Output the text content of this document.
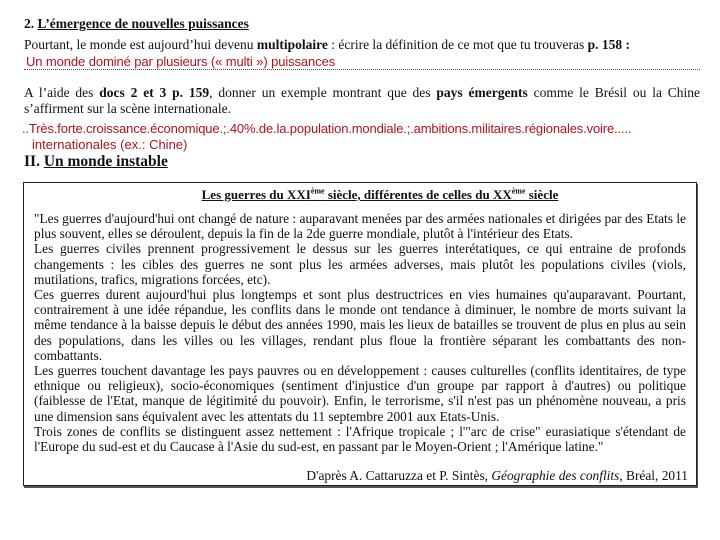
2. L’émergence de nouvelles puissances
Pourtant, le monde est aujourd’hui devenu multipolaire : écrire la définition de ce mot que tu trouveras p. 158 :
Un monde dominé par plusieurs (« multi ») puissances
A l’aide des docs 2 et 3 p. 159, donner un exemple montrant que des pays émergents comme le Brésil ou la Chine s’affirment sur la scène internationale.
..Très.forte.croissance.économique.;.40%.de.la.population.mondiale.;.ambitions.militaires.régionales.voire.....
internationales (ex.: Chine)
II. Un monde instable
Les guerres du XXIème siècle, différentes de celles du XXème siècle

"Les guerres d'aujourd'hui ont changé de nature : auparavant menées par des armées nationales et dirigées par des Etats le plus souvent, elles se déroulent, depuis la fin de la 2de guerre mondiale, plutôt à l'intérieur des Etats.

Les guerres civiles prennent progressivement le dessus sur les guerres interétatiques, ce qui entraine de profonds changements : les cibles des guerres ne sont plus les armées adverses, mais plutôt les populations civiles (viols, mutilations, trafics, migrations forcées, etc).

Ces guerres durent aujourd'hui plus longtemps et sont plus destructrices en vies humaines qu'auparavant. Pourtant, contrairement à une idée répandue, les conflits dans le monde ont tendance à diminuer, le nombre de morts suivant la même tendance à la baisse depuis le début des années 1990, mais les lieux de batailles se trouvent de plus en plus au sein des populations, dans les villes ou les villages, rendant plus floue la frontière séparant les combattants des non-combattants.

Les guerres touchent davantage les pays pauvres ou en développement : causes culturelles (conflits identitaires, de type ethnique ou religieux), socio-économiques (sentiment d'injustice d'un groupe par rapport à d'autres) ou politique (faiblesse de l'Etat, manque de légitimité du pouvoir). Enfin, le terrorisme, s'il n'est pas un phénomène nouveau, a pris une dimension sans équivalent avec les attentats du 11 septembre 2001 aux Etats-Unis.

Trois zones de conflits se distinguent assez nettement : l'Afrique tropicale ; l'"arc de crise" eurasiatique s'étendant de l'Europe du sud-est et du Caucase à l'Asie du sud-est, en passant par le Moyen-Orient ; l'Amérique latine."

D'après A. Cattaruzza et P. Sintès, Géographie des conflits, Bréal, 2011
